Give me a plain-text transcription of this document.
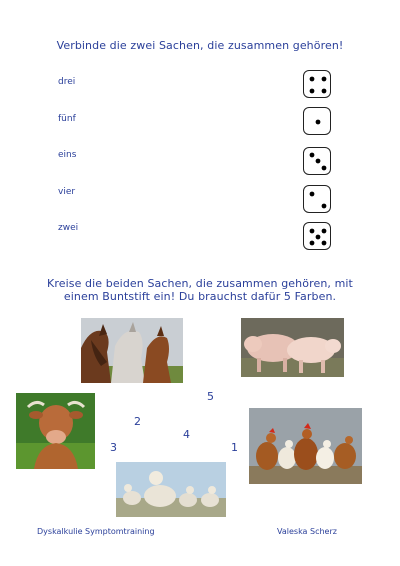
Verbinde die zwei Sachen, die zusammen gehören!
drei
fünf
eins
vier
zwei
Kreise die beiden Sachen, die zusammen gehören, mit
einem Buntstift ein! Du brauchst dafür 5 Farben.
5
2
4
3	1
Dyskalkulie Symptomtraining	Valeska Scherz
